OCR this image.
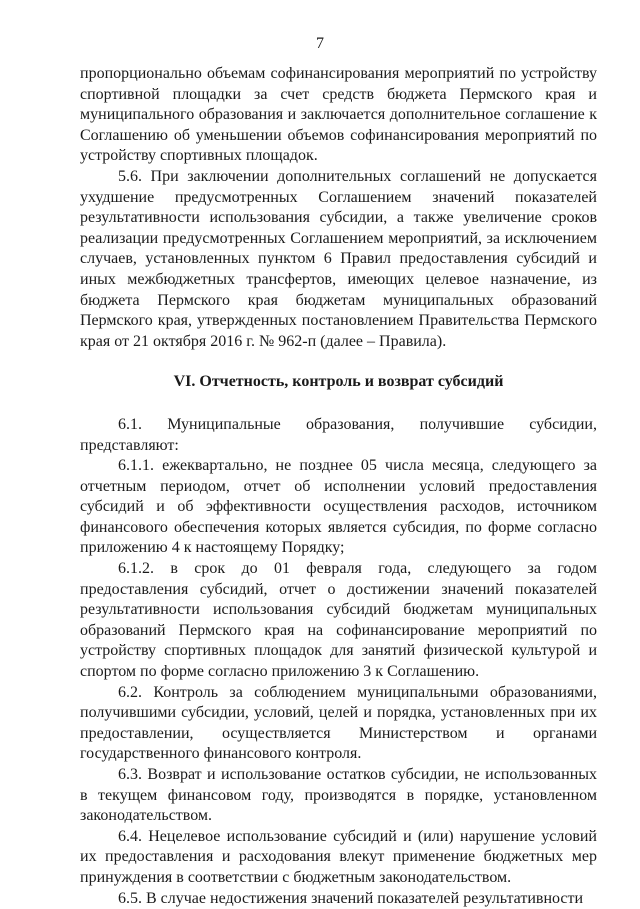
7

пропорционально объемам софинансирования мероприятий по устройству спортивной площадки за счет средств бюджета Пермского края и муниципального образования и заключается дополнительное соглашение к Соглашению об уменьшении объемов софинансирования мероприятий по устройству спортивных площадок.

5.6. При заключении дополнительных соглашений не допускается ухудшение предусмотренных Соглашением значений показателей результативности использования субсидии, а также увеличение сроков реализации предусмотренных Соглашением мероприятий, за исключением случаев, установленных пунктом 6 Правил предоставления субсидий и иных межбюджетных трансфертов, имеющих целевое назначение, из бюджета Пермского края бюджетам муниципальных образований Пермского края, утвержденных постановлением Правительства Пермского края от 21 октября 2016 г. № 962-п (далее – Правила).

VI. Отчетность, контроль и возврат субсидий

6.1. Муниципальные образования, получившие субсидии, представляют:

6.1.1. ежеквартально, не позднее 05 числа месяца, следующего за отчетным периодом, отчет об исполнении условий предоставления субсидий и об эффективности осуществления расходов, источником финансового обеспечения которых является субсидия, по форме согласно приложению 4 к настоящему Порядку;

6.1.2. в срок до 01 февраля года, следующего за годом предоставления субсидий, отчет о достижении значений показателей результативности использования субсидий бюджетам муниципальных образований Пермского края на софинансирование мероприятий по устройству спортивных площадок для занятий физической культурой и спортом по форме согласно приложению 3 к Соглашению.

6.2. Контроль за соблюдением муниципальными образованиями, получившими субсидии, условий, целей и порядка, установленных при их предоставлении, осуществляется Министерством и органами государственного финансового контроля.

6.3. Возврат и использование остатков субсидии, не использованных в текущем финансовом году, производятся в порядке, установленном законодательством.

6.4. Нецелевое использование субсидий и (или) нарушение условий их предоставления и расходования влекут применение бюджетных мер принуждения в соответствии с бюджетным законодательством.

6.5. В случае недостижения значений показателей результативности
